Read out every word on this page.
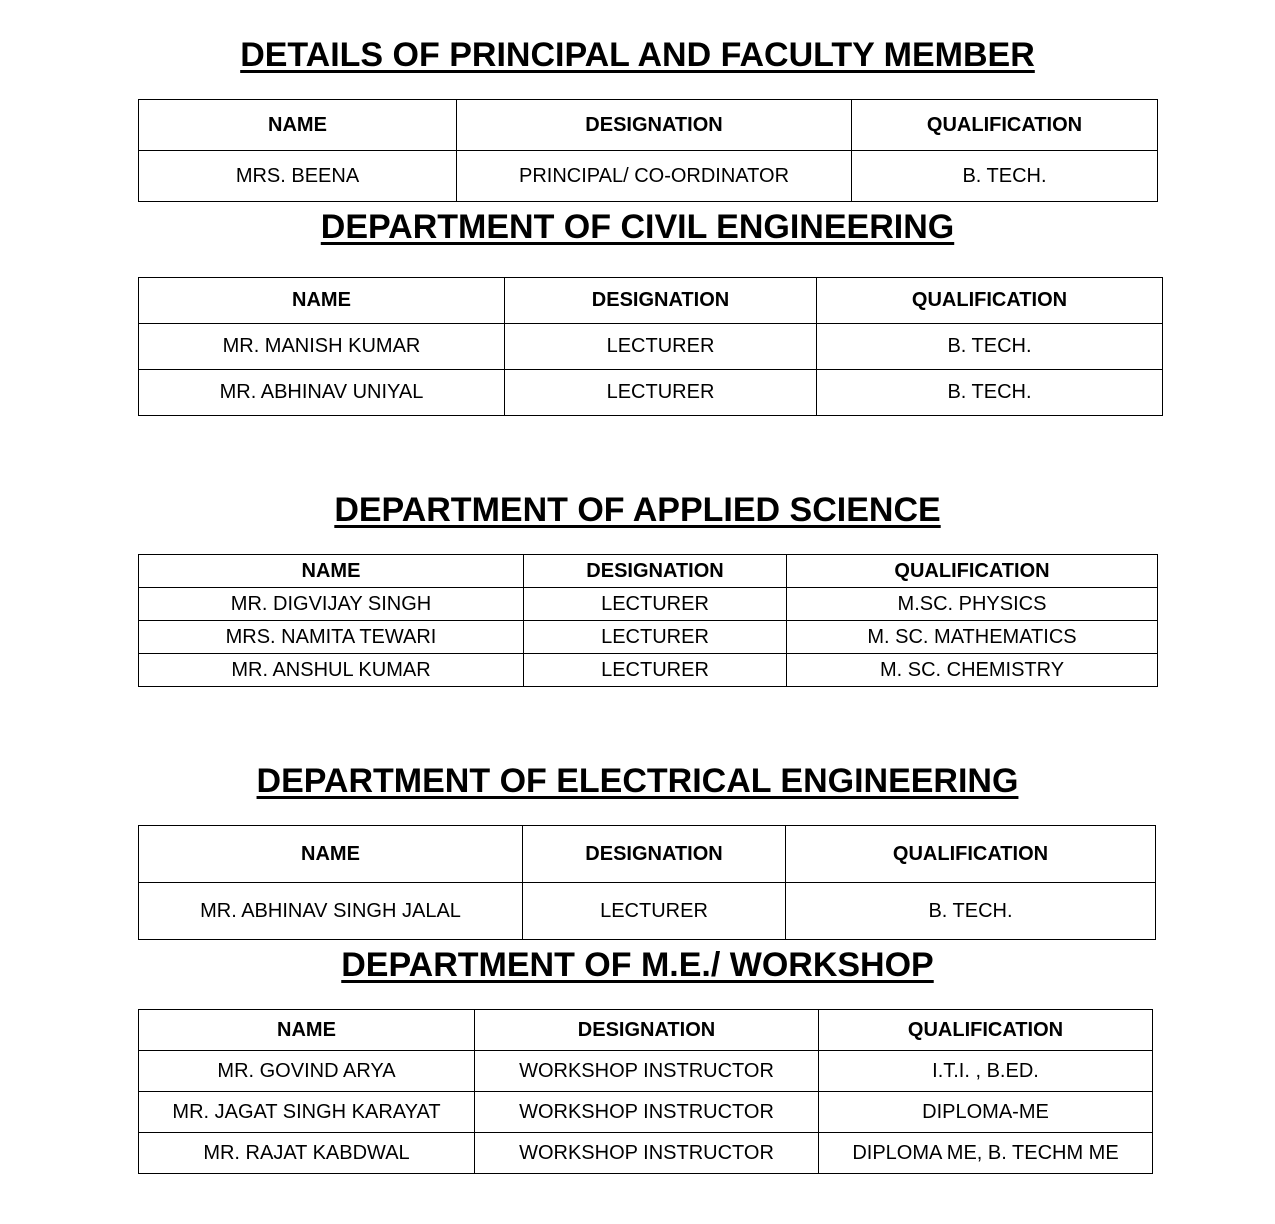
DETAILS OF PRINCIPAL AND FACULTY MEMBER
NAME	DESIGNATION	QUALIFICATION
MRS. BEENA	PRINCIPAL/ CO-ORDINATOR	B. TECH.
DEPARTMENT OF CIVIL ENGINEERING
NAME	DESIGNATION	QUALIFICATION
MR. MANISH KUMAR	LECTURER	B. TECH.
MR. ABHINAV UNIYAL	LECTURER	B. TECH.
DEPARTMENT OF APPLIED SCIENCE
NAME	DESIGNATION	QUALIFICATION
MR. DIGVIJAY SINGH	LECTURER	M.SC. PHYSICS
MRS. NAMITA TEWARI	LECTURER	M. SC. MATHEMATICS
MR. ANSHUL KUMAR	LECTURER	M. SC. CHEMISTRY
DEPARTMENT OF ELECTRICAL ENGINEERING
NAME	DESIGNATION	QUALIFICATION
MR. ABHINAV SINGH JALAL	LECTURER	B. TECH.
DEPARTMENT OF M.E./ WORKSHOP
NAME	DESIGNATION	QUALIFICATION
MR. GOVIND ARYA	WORKSHOP INSTRUCTOR	I.T.I. , B.ED.
MR. JAGAT SINGH KARAYAT	WORKSHOP INSTRUCTOR	DIPLOMA-ME
MR. RAJAT KABDWAL	WORKSHOP INSTRUCTOR	DIPLOMA ME, B. TECHM ME
